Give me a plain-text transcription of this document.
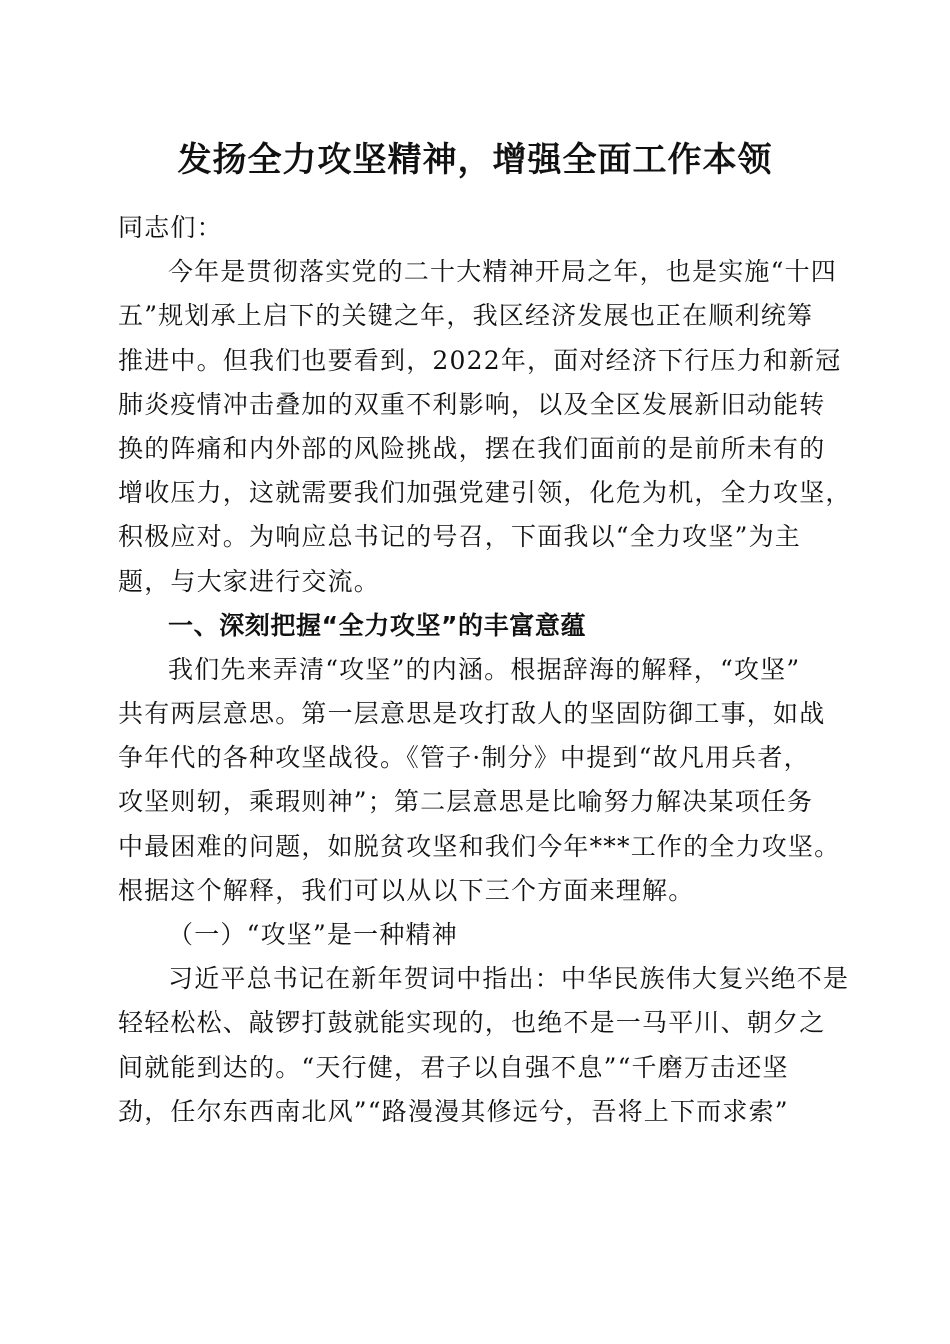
发扬全力攻坚精神，增强全面工作本领

同志们：

今年是贯彻落实党的二十大精神开局之年，也是实施“十四

五”规划承上启下的关键之年，我区经济发展也正在顺利统筹

推进中。但我们也要看到，2022年，面对经济下行压力和新冠

肺炎疫情冲击叠加的双重不利影响，以及全区发展新旧动能转

换的阵痛和内外部的风险挑战，摆在我们面前的是前所未有的

增收压力，这就需要我们加强党建引领，化危为机，全力攻坚，

积极应对。为响应总书记的号召，下面我以“全力攻坚”为主

题，与大家进行交流。

一、深刻把握“全力攻坚”的丰富意蕴

我们先来弄清“攻坚”的内涵。根据辞海的解释，“攻坚”

共有两层意思。第一层意思是攻打敌人的坚固防御工事，如战

争年代的各种攻坚战役。《管子·制分》中提到“故凡用兵者，

攻坚则轫，乘瑕则神”；第二层意思是比喻努力解决某项任务

中最困难的问题，如脱贫攻坚和我们今年***工作的全力攻坚。

根据这个解释，我们可以从以下三个方面来理解。

（一）“攻坚”是一种精神

习近平总书记在新年贺词中指出：中华民族伟大复兴绝不是

轻轻松松、敲锣打鼓就能实现的，也绝不是一马平川、朝夕之

间就能到达的。“天行健，君子以自强不息”“千磨万击还坚

劲，任尔东西南北风”“路漫漫其修远兮，吾将上下而求索”
